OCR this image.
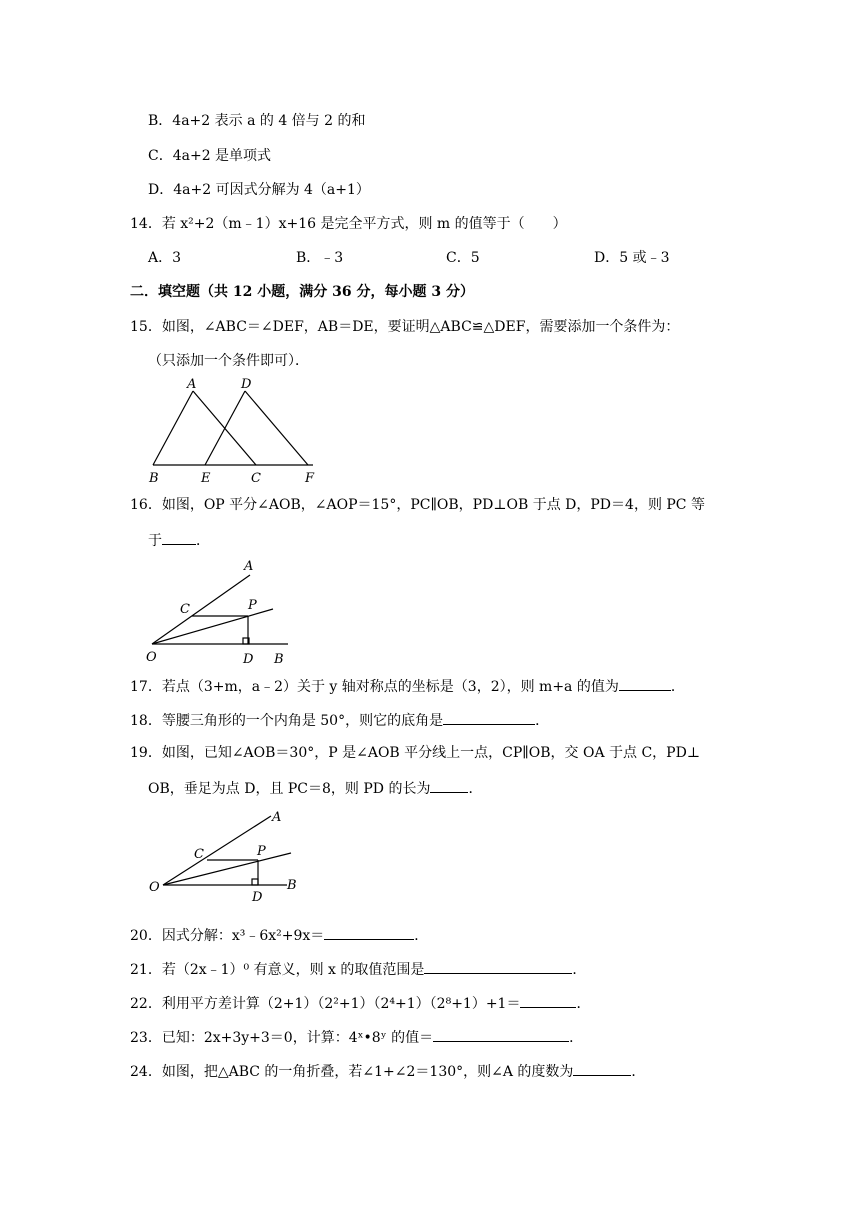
B．4a+2 表示 a 的 4 倍与 2 的和
C．4a+2 是单项式
D．4a+2 可因式分解为 4（a+1）
14．若 x²+2（m﹣1）x+16 是完全平方式，则 m 的值等于（　　）
A．3	B．﹣3	C．5	D．5 或﹣3
二．填空题（共 12 小题，满分 36 分，每小题 3 分）
15．如图，∠ABC＝∠DEF，AB＝DE，要证明△ABC≌△DEF，需要添加一个条件为：
（只添加一个条件即可）．
A	D
B	E	C	F
16．如图，OP 平分∠AOB，∠AOP＝15°，PC∥OB，PD⊥OB 于点 D，PD＝4，则 PC 等
于 ．
A
C	P
O	D B
17．若点（3+m，a﹣2）关于 y 轴对称点的坐标是（3，2），则 m+a 的值为	．
18．等腰三角形的一个内角是 50°，则它的底角是	．
19．如图，已知∠AOB＝30°，P 是∠AOB 平分线上一点，CP∥OB，交 OA 于点 C，PD⊥
OB，垂足为点 D，且 PC＝8，则 PD 的长为	．
A
C	P
O
D
B
20．因式分解：x³﹣6x²+9x＝	．
21．若（2x﹣1）⁰ 有意义，则 x 的取值范围是	．
22．利用平方差计算（2+1）（2²+1）（2⁴+1）（2⁸+1）+1＝	．
23．已知：2x+3y+3＝0，计算：4ˣ•8ʸ 的值＝	．
24．如图，把△ABC 的一角折叠，若∠1+∠2＝130°，则∠A 的度数为	．
